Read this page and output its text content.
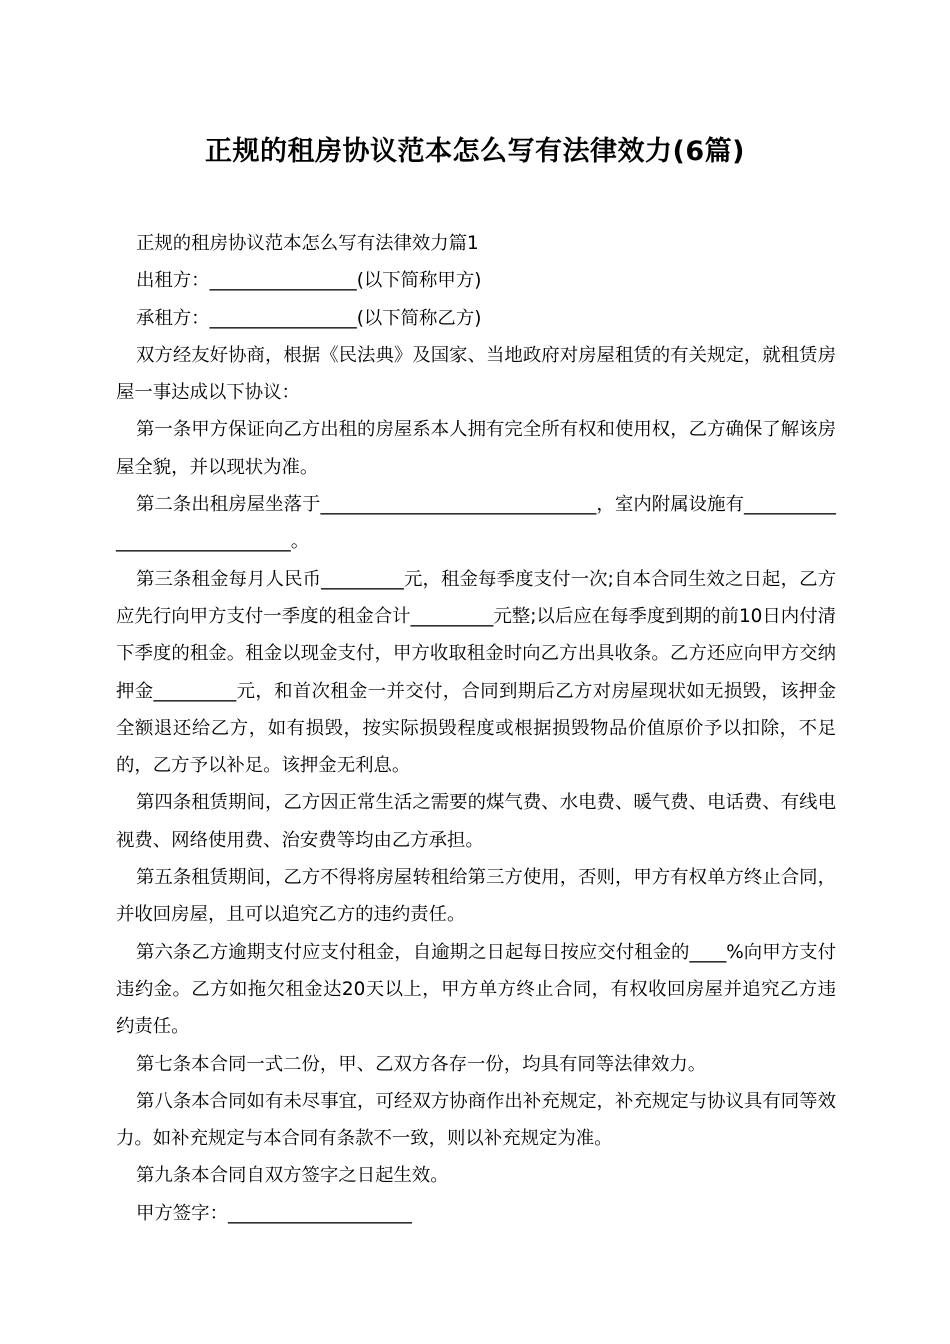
正规的租房协议范本怎么写有法律效力(6篇)

正规的租房协议范本怎么写有法律效力篇1

出租方：________________(以下简称甲方)

承租方：________________(以下简称乙方)

双方经友好协商，根据《民法典》及国家、当地政府对房屋租赁的有关规定，就租赁房屋一事达成以下协议：

第一条甲方保证向乙方出租的房屋系本人拥有完全所有权和使用权，乙方确保了解该房屋全貌，并以现状为准。

第二条出租房屋坐落于______________________________，室内附属设施有_____________________________。

第三条租金每月人民币_________元，租金每季度支付一次;自本合同生效之日起，乙方应先行向甲方支付一季度的租金合计_________元整;以后应在每季度到期的前10日内付清下季度的租金。租金以现金支付，甲方收取租金时向乙方出具收条。乙方还应向甲方交纳押金_________元，和首次租金一并交付，合同到期后乙方对房屋现状如无损毁，该押金全额退还给乙方，如有损毁，按实际损毁程度或根据损毁物品价值原价予以扣除，不足的，乙方予以补足。该押金无利息。

第四条租赁期间，乙方因正常生活之需要的煤气费、水电费、暖气费、电话费、有线电视费、网络使用费、治安费等均由乙方承担。

第五条租赁期间，乙方不得将房屋转租给第三方使用，否则，甲方有权单方终止合同，并收回房屋，且可以追究乙方的违约责任。

第六条乙方逾期支付应支付租金，自逾期之日起每日按应交付租金的____%向甲方支付违约金。乙方如拖欠租金达20天以上，甲方单方终止合同，有权收回房屋并追究乙方违约责任。

第七条本合同一式二份，甲、乙双方各存一份，均具有同等法律效力。

第八条本合同如有未尽事宜，可经双方协商作出补充规定，补充规定与协议具有同等效力。如补充规定与本合同有条款不一致，则以补充规定为准。

第九条本合同自双方签字之日起生效。

甲方签字：____________________
